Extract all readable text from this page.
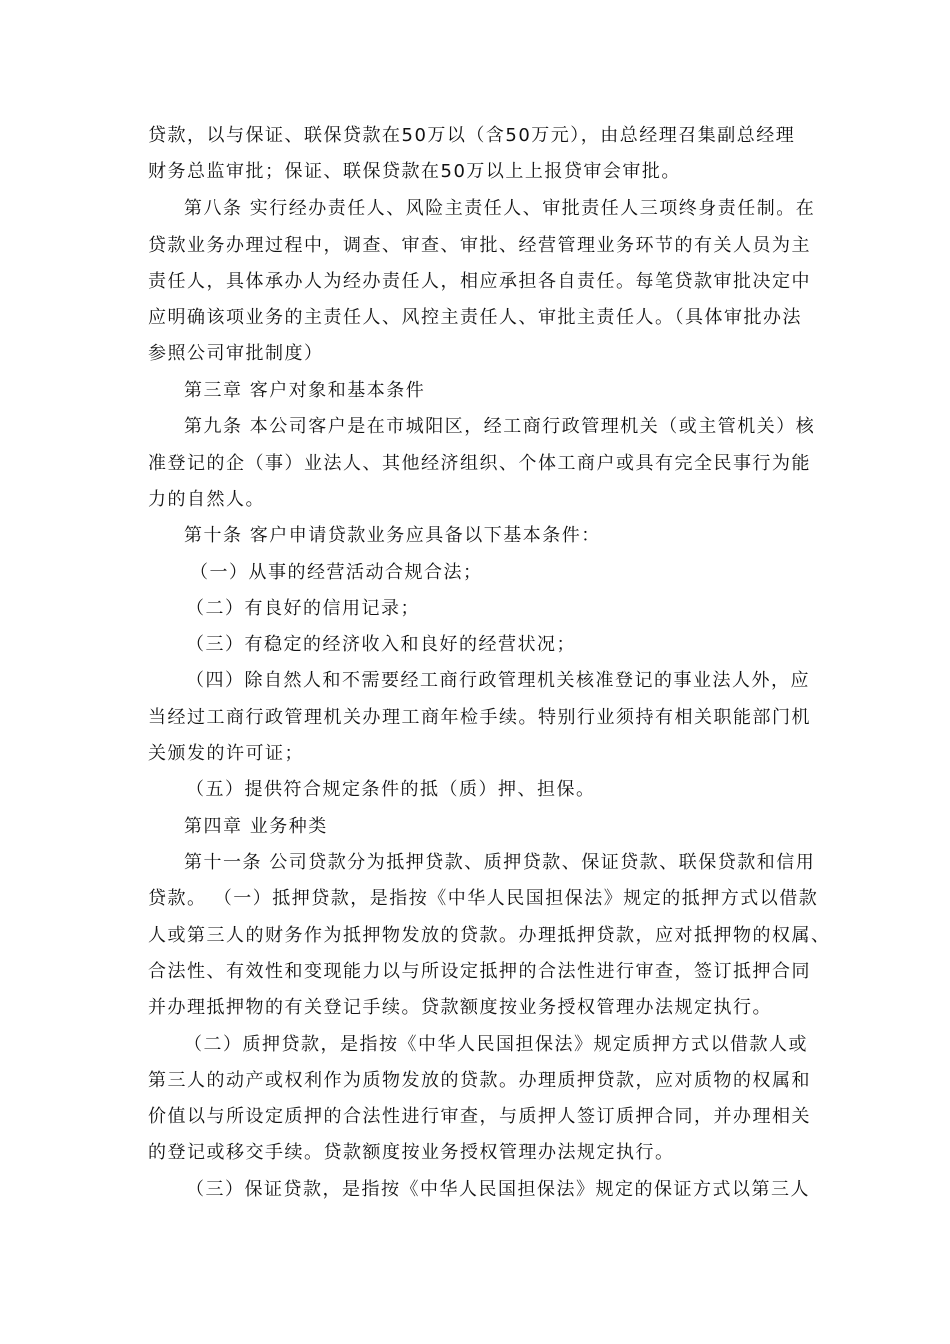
贷款，以与保证、联保贷款在50万以（含50万元），由总经理召集副总经理
财务总监审批；保证、联保贷款在50万以上上报贷审会审批。
第八条 实行经办责任人、风险主责任人、审批责任人三项终身责任制。在
贷款业务办理过程中，调查、审查、审批、经营管理业务环节的有关人员为主
责任人，具体承办人为经办责任人，相应承担各自责任。每笔贷款审批决定中
应明确该项业务的主责任人、风控主责任人、审批主责任人。（具体审批办法
参照公司审批制度）
第三章 客户对象和基本条件
第九条 本公司客户是在市城阳区，经工商行政管理机关（或主管机关）核
准登记的企（事）业法人、其他经济组织、个体工商户或具有完全民事行为能
力的自然人。
第十条 客户申请贷款业务应具备以下基本条件：
（一）从事的经营活动合规合法；
（二）有良好的信用记录；
（三）有稳定的经济收入和良好的经营状况；
（四）除自然人和不需要经工商行政管理机关核准登记的事业法人外，应
当经过工商行政管理机关办理工商年检手续。特别行业须持有相关职能部门机
关颁发的许可证；
（五）提供符合规定条件的抵（质）押、担保。
第四章 业务种类
第十一条 公司贷款分为抵押贷款、质押贷款、保证贷款、联保贷款和信用
贷款。 （一）抵押贷款，是指按《中华人民国担保法》规定的抵押方式以借款
人或第三人的财务作为抵押物发放的贷款。办理抵押贷款，应对抵押物的权属、
合法性、有效性和变现能力以与所设定抵押的合法性进行审查，签订抵押合同
并办理抵押物的有关登记手续。贷款额度按业务授权管理办法规定执行。
（二）质押贷款，是指按《中华人民国担保法》规定质押方式以借款人或
第三人的动产或权利作为质物发放的贷款。办理质押贷款，应对质物的权属和
价值以与所设定质押的合法性进行审查，与质押人签订质押合同，并办理相关
的登记或移交手续。贷款额度按业务授权管理办法规定执行。
（三）保证贷款，是指按《中华人民国担保法》规定的保证方式以第三人
